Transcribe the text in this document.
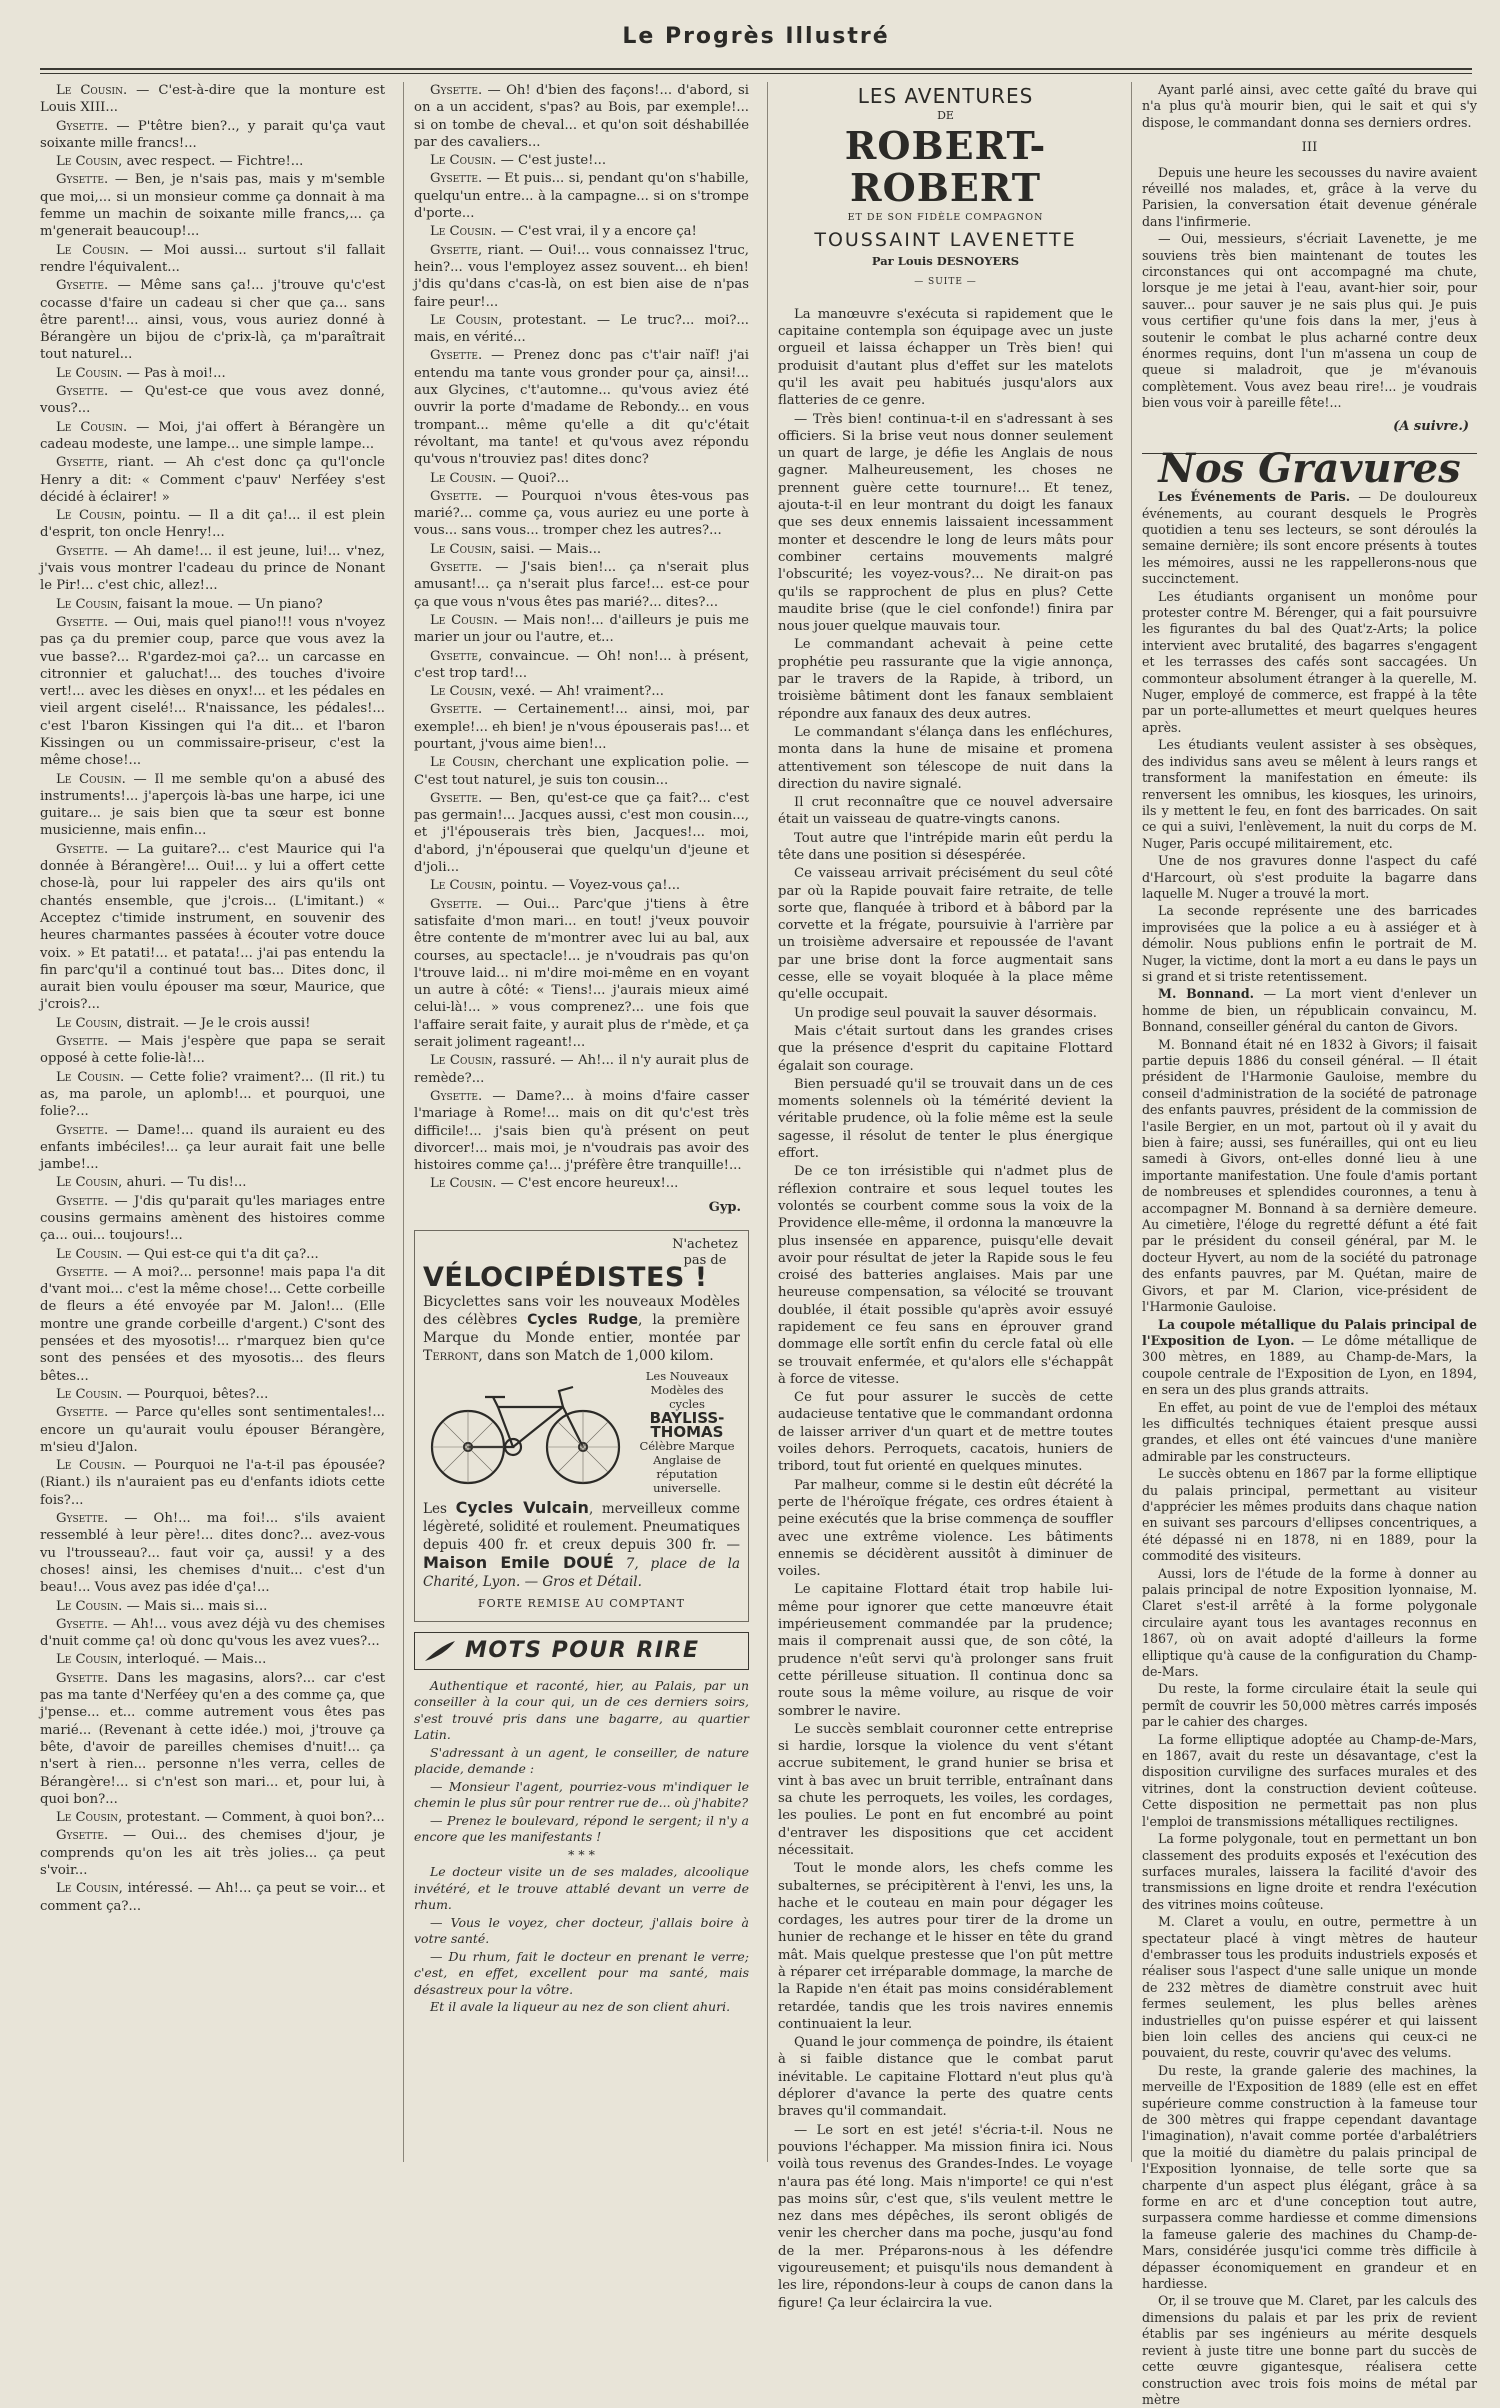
Le Progrès Illustré

Le Cousin. — C'est-à-dire que la monture est Louis XIII...

Gysette. — P'têtre bien?.., y parait qu'ça vaut soixante mille francs!...

Le Cousin, avec respect. — Fichtre!...

Gysette. — Ben, je n'sais pas, mais y m'semble que moi,... si un monsieur comme ça donnait à ma femme un machin de soixante mille francs,... ça m'generait beaucoup!...

Le Cousin. — Moi aussi... surtout s'il fallait rendre l'équivalent...

Gysette. — Même sans ça!... j'trouve qu'c'est cocasse d'faire un cadeau si cher que ça... sans être parent!... ainsi, vous, vous auriez donné à Bérangère un bijou de c'prix-là, ça m'paraîtrait tout naturel...

Le Cousin. — Pas à moi!...

Gysette. — Qu'est-ce que vous avez donné, vous?...

Le Cousin. — Moi, j'ai offert à Bérangère un cadeau modeste, une lampe... une simple lampe...

Gysette, riant. — Ah c'est donc ça qu'l'oncle Henry a dit: « Comment c'pauv' Nerféey s'est décidé à éclairer! »

Le Cousin, pointu. — Il a dit ça!... il est plein d'esprit, ton oncle Henry!...

Gysette. — Ah dame!... il est jeune, lui!... v'nez, j'vais vous montrer l'cadeau du prince de Nonant le Pir!... c'est chic, allez!...

Le Cousin, faisant la moue. — Un piano?

Gysette. — Oui, mais quel piano!!! vous n'voyez pas ça du premier coup, parce que vous avez la vue basse?... R'gardez-moi ça?... un carcasse en citronnier et galuchat!... des touches d'ivoire vert!... avec les dièses en onyx!... et les pédales en vieil argent ciselé!... R'naissance, les pédales!... c'est l'baron Kissingen qui l'a dit... et l'baron Kissingen ou un commissaire-priseur, c'est la même chose!...

Le Cousin. — Il me semble qu'on a abusé des instruments!... j'aperçois là-bas une harpe, ici une guitare... je sais bien que ta sœur est bonne musicienne, mais enfin...

Gysette. — La guitare?... c'est Maurice qui l'a donnée à Bérangère!... Oui!... y lui a offert cette chose-là, pour lui rappeler des airs qu'ils ont chantés ensemble, que j'crois... (L'imitant.) « Acceptez c'timide instrument, en souvenir des heures charmantes passées à écouter votre douce voix. » Et patati!... et patata!... j'ai pas entendu la fin parc'qu'il a continué tout bas... Dites donc, il aurait bien voulu épouser ma sœur, Maurice, que j'crois?...

Le Cousin, distrait. — Je le crois aussi!

Gysette. — Mais j'espère que papa se serait opposé à cette folie-là!...

Le Cousin. — Cette folie? vraiment?... (Il rit.) tu as, ma parole, un aplomb!... et pourquoi, une folie?...

Gysette. — Dame!... quand ils auraient eu des enfants imbéciles!... ça leur aurait fait une belle jambe!...

Le Cousin, ahuri. — Tu dis!...

Gysette. — J'dis qu'parait qu'les mariages entre cousins germains amènent des histoires comme ça... oui... toujours!...

Le Cousin. — Qui est-ce qui t'a dit ça?...

Gysette. — A moi?... personne! mais papa l'a dit d'vant moi... c'est la même chose!... Cette corbeille de fleurs a été envoyée par M. Jalon!... (Elle montre une grande corbeille d'argent.) C'sont des pensées et des myosotis!... r'marquez bien qu'ce sont des pensées et des myosotis... des fleurs bêtes...

Le Cousin. — Pourquoi, bêtes?...

Gysette. — Parce qu'elles sont sentimentales!... encore un qu'aurait voulu épouser Bérangère, m'sieu d'Jalon.

Le Cousin. — Pourquoi ne l'a-t-il pas épousée? (Riant.) ils n'auraient pas eu d'enfants idiots cette fois?...

Gysette. — Oh!... ma foi!... s'ils avaient ressemblé à leur père!... dites donc?... avez-vous vu l'trousseau?... faut voir ça, aussi! y a des choses! ainsi, les chemises d'nuit... c'est d'un beau!... Vous avez pas idée d'ça!...

Le Cousin. — Mais si... mais si...

Gysette. — Ah!... vous avez déjà vu des chemises d'nuit comme ça! où donc qu'vous les avez vues?...

Le Cousin, interloqué. — Mais...

Gysette. Dans les magasins, alors?... car c'est pas ma tante d'Nerféey qu'en a des comme ça, que j'pense... et... comme autrement vous êtes pas marié... (Revenant à cette idée.) moi, j'trouve ça bête, d'avoir de pareilles chemises d'nuit!... ça n'sert à rien... personne n'les verra, celles de Bérangère!... si c'n'est son mari... et, pour lui, à quoi bon?...

Le Cousin, protestant. — Comment, à quoi bon?...

Gysette. — Oui... des chemises d'jour, je comprends qu'on les ait très jolies... ça peut s'voir...

Le Cousin, intéressé. — Ah!... ça peut se voir... et comment ça?...

Gysette. — Oh! d'bien des façons!... d'abord, si on a un accident, s'pas? au Bois, par exemple!... si on tombe de cheval... et qu'on soit déshabillée par des cavaliers...

Le Cousin. — C'est juste!...

Gysette. — Et puis... si, pendant qu'on s'habille, quelqu'un entre... à la campagne... si on s'trompe d'porte...

Le Cousin. — C'est vrai, il y a encore ça!

Gysette, riant. — Oui!... vous connaissez l'truc, hein?... vous l'employez assez souvent... eh bien! j'dis qu'dans c'cas-là, on est bien aise de n'pas faire peur!...

Le Cousin, protestant. — Le truc?... moi?... mais, en vérité...

Gysette. — Prenez donc pas c't'air naïf! j'ai entendu ma tante vous gronder pour ça, ainsi!... aux Glycines, c't'automne... qu'vous aviez été ouvrir la porte d'madame de Rebondy... en vous trompant... même qu'elle a dit qu'c'était révoltant, ma tante! et qu'vous avez répondu qu'vous n'trouviez pas! dites donc?

Le Cousin. — Quoi?...

Gysette. — Pourquoi n'vous êtes-vous pas marié?... comme ça, vous auriez eu une porte à vous... sans vous... tromper chez les autres?...

Le Cousin, saisi. — Mais...

Gysette. — J'sais bien!... ça n'serait plus amusant!... ça n'serait plus farce!... est-ce pour ça que vous n'vous êtes pas marié?... dites?...

Le Cousin. — Mais non!... d'ailleurs je puis me marier un jour ou l'autre, et...

Gysette, convaincue. — Oh! non!... à présent, c'est trop tard!...

Le Cousin, vexé. — Ah! vraiment?...

Gysette. — Certainement!... ainsi, moi, par exemple!... eh bien! je n'vous épouserais pas!... et pourtant, j'vous aime bien!...

Le Cousin, cherchant une explication polie. — C'est tout naturel, je suis ton cousin...

Gysette. — Ben, qu'est-ce que ça fait?... c'est pas germain!... Jacques aussi, c'est mon cousin..., et j'l'épouserais très bien, Jacques!... moi, d'abord, j'n'épouserai que quelqu'un d'jeune et d'joli...

Le Cousin, pointu. — Voyez-vous ça!...

Gysette. — Oui... Parc'que j'tiens à être satisfaite d'mon mari... en tout! j'veux pouvoir être contente de m'montrer avec lui au bal, aux courses, au spectacle!... je n'voudrais pas qu'on l'trouve laid... ni m'dire moi-même en en voyant un autre à côté: « Tiens!... j'aurais mieux aimé celui-là!... » vous comprenez?... une fois que l'affaire serait faite, y aurait plus de r'mède, et ça serait joliment rageant!...

Le Cousin, rassuré. — Ah!... il n'y aurait plus de remède?...

Gysette. — Dame?... à moins d'faire casser l'mariage à Rome!... mais on dit qu'c'est très difficile!... j'sais bien qu'à présent on peut divorcer!... mais moi, je n'voudrais pas avoir des histoires comme ça!... j'préfère être tranquille!...

Le Cousin. — C'est encore heureux!...

Gyp.
N'achetez pas de
VÉLOCIPÉDISTES !
Bicyclettes sans voir les nouveaux Modèles des célèbres Cycles Rudge, la première Marque du Monde entier, montée par Terront, dans son Match de 1,000 kilom.
Les Nouveaux Modèles des cycles
BAYLISS-THOMAS
Célèbre Marque Anglaise de réputation universelle.
Les Cycles Vulcain, merveilleux comme légèreté, solidité et roulement. Pneumatiques depuis 400 fr. et creux depuis 300 fr. — Maison Emile DOUÉ 7, place de la Charité, Lyon. — Gros et Détail.
FORTE REMISE AU COMPTANT
MOTS POUR RIRE

Authentique et raconté, hier, au Palais, par un conseiller à la cour qui, un de ces derniers soirs, s'est trouvé pris dans une bagarre, au quartier Latin.

S'adressant à un agent, le conseiller, de nature placide, demande :

— Monsieur l'agent, pourriez-vous m'indiquer le chemin le plus sûr pour rentrer rue de... où j'habite?

— Prenez le boulevard, répond le sergent; il n'y a encore que les manifestants !

* * *

Le docteur visite un de ses malades, alcoolique invétéré, et le trouve attablé devant un verre de rhum.

— Vous le voyez, cher docteur, j'allais boire à votre santé.

— Du rhum, fait le docteur en prenant le verre; c'est, en effet, excellent pour ma santé, mais désastreux pour la vôtre.

Et il avale la liqueur au nez de son client ahuri.

LES AVENTURES
DE
ROBERT-ROBERT
ET DE SON FIDÈLE COMPAGNON
TOUSSAINT LAVENETTE
Par Louis DESNOYERS
— SUITE —

La manœuvre s'exécuta si rapidement que le capitaine contempla son équipage avec un juste orgueil et laissa échapper un Très bien! qui produisit d'autant plus d'effet sur les matelots qu'il les avait peu habitués jusqu'alors aux flatteries de ce genre.

— Très bien! continua-t-il en s'adressant à ses officiers. Si la brise veut nous donner seulement un quart de large, je défie les Anglais de nous gagner. Malheureusement, les choses ne prennent guère cette tournure!... Et tenez, ajouta-t-il en leur montrant du doigt les fanaux que ses deux ennemis laissaient incessamment monter et descendre le long de leurs mâts pour combiner certains mouvements malgré l'obscurité; les voyez-vous?... Ne dirait-on pas qu'ils se rapprochent de plus en plus? Cette maudite brise (que le ciel confonde!) finira par nous jouer quelque mauvais tour.

Le commandant achevait à peine cette prophétie peu rassurante que la vigie annonça, par le travers de la Rapide, à tribord, un troisième bâtiment dont les fanaux semblaient répondre aux fanaux des deux autres.

Le commandant s'élança dans les enfléchures, monta dans la hune de misaine et promena attentivement son télescope de nuit dans la direction du navire signalé.

Il crut reconnaître que ce nouvel adversaire était un vaisseau de quatre-vingts canons.

Tout autre que l'intrépide marin eût perdu la tête dans une position si désespérée.

Ce vaisseau arrivait précisément du seul côté par où la Rapide pouvait faire retraite, de telle sorte que, flanquée à tribord et à bâbord par la corvette et la frégate, poursuivie à l'arrière par un troisième adversaire et repoussée de l'avant par une brise dont la force augmentait sans cesse, elle se voyait bloquée à la place même qu'elle occupait.

Un prodige seul pouvait la sauver désormais.

Mais c'était surtout dans les grandes crises que la présence d'esprit du capitaine Flottard égalait son courage.

Bien persuadé qu'il se trouvait dans un de ces moments solennels où la témérité devient la véritable prudence, où la folie même est la seule sagesse, il résolut de tenter le plus énergique effort.

De ce ton irrésistible qui n'admet plus de réflexion contraire et sous lequel toutes les volontés se courbent comme sous la voix de la Providence elle-même, il ordonna la manœuvre la plus insensée en apparence, puisqu'elle devait avoir pour résultat de jeter la Rapide sous le feu croisé des batteries anglaises. Mais par une heureuse compensation, sa vélocité se trouvant doublée, il était possible qu'après avoir essuyé rapidement ce feu sans en éprouver grand dommage elle sortît enfin du cercle fatal où elle se trouvait enfermée, et qu'alors elle s'échappât à force de vitesse.

Ce fut pour assurer le succès de cette audacieuse tentative que le commandant ordonna de laisser arriver d'un quart et de mettre toutes voiles dehors. Perroquets, cacatois, huniers de tribord, tout fut orienté en quelques minutes.

Par malheur, comme si le destin eût décrété la perte de l'héroïque frégate, ces ordres étaient à peine exécutés que la brise commença de souffler avec une extrême violence. Les bâtiments ennemis se décidèrent aussitôt à diminuer de voiles.

Le capitaine Flottard était trop habile lui-même pour ignorer que cette manœuvre était impérieusement commandée par la prudence; mais il comprenait aussi que, de son côté, la prudence n'eût servi qu'à prolonger sans fruit cette périlleuse situation. Il continua donc sa route sous la même voilure, au risque de voir sombrer le navire.

Le succès semblait couronner cette entreprise si hardie, lorsque la violence du vent s'étant accrue subitement, le grand hunier se brisa et vint à bas avec un bruit terrible, entraînant dans sa chute les perroquets, les voiles, les cordages, les poulies. Le pont en fut encombré au point d'entraver les dispositions que cet accident nécessitait.

Tout le monde alors, les chefs comme les subalternes, se précipitèrent à l'envi, les uns, la hache et le couteau en main pour dégager les cordages, les autres pour tirer de la drome un hunier de rechange et le hisser en tête du grand mât. Mais quelque prestesse que l'on pût mettre à réparer cet irréparable dommage, la marche de la Rapide n'en était pas moins considérablement retardée, tandis que les trois navires ennemis continuaient la leur.

Quand le jour commença de poindre, ils étaient à si faible distance que le combat parut inévitable. Le capitaine Flottard n'eut plus qu'à déplorer d'avance la perte des quatre cents braves qu'il commandait.

— Le sort en est jeté! s'écria-t-il. Nous ne pouvions l'échapper. Ma mission finira ici. Nous voilà tous revenus des Grandes-Indes. Le voyage n'aura pas été long. Mais n'importe! ce qui n'est pas moins sûr, c'est que, s'ils veulent mettre le nez dans mes dépêches, ils seront obligés de venir les chercher dans ma poche, jusqu'au fond de la mer. Préparons-nous à les défendre vigoureusement; et puisqu'ils nous demandent à les lire, répondons-leur à coups de canon dans la figure! Ça leur éclaircira la vue.

Ayant parlé ainsi, avec cette gaîté du brave qui n'a plus qu'à mourir bien, qui le sait et qui s'y dispose, le commandant donna ses derniers ordres.

III

Depuis une heure les secousses du navire avaient réveillé nos malades, et, grâce à la verve du Parisien, la conversation était devenue générale dans l'infirmerie.

— Oui, messieurs, s'écriait Lavenette, je me souviens très bien maintenant de toutes les circonstances qui ont accompagné ma chute, lorsque je me jetai à l'eau, avant-hier soir, pour sauver... pour sauver je ne sais plus qui. Je puis vous certifier qu'une fois dans la mer, j'eus à soutenir le combat le plus acharné contre deux énormes requins, dont l'un m'assena un coup de queue si maladroit, que je m'évanouis complètement. Vous avez beau rire!... je voudrais bien vous voir à pareille fête!...

(A suivre.)
Nos Gravures

Les Événements de Paris. — De douloureux événements, au courant desquels le Progrès quotidien a tenu ses lecteurs, se sont déroulés la semaine dernière; ils sont encore présents à toutes les mémoires, aussi ne les rappellerons-nous que succinctement.

Les étudiants organisent un monôme pour protester contre M. Bérenger, qui a fait poursuivre les figurantes du bal des Quat'z-Arts; la police intervient avec brutalité, des bagarres s'engagent et les terrasses des cafés sont saccagées. Un commonteur absolument étranger à la querelle, M. Nuger, employé de commerce, est frappé à la tête par un porte-allumettes et meurt quelques heures après.

Les étudiants veulent assister à ses obsèques, des individus sans aveu se mêlent à leurs rangs et transforment la manifestation en émeute: ils renversent les omnibus, les kiosques, les urinoirs, ils y mettent le feu, en font des barricades. On sait ce qui a suivi, l'enlèvement, la nuit du corps de M. Nuger, Paris occupé militairement, etc.

Une de nos gravures donne l'aspect du café d'Harcourt, où s'est produite la bagarre dans laquelle M. Nuger a trouvé la mort.

La seconde représente une des barricades improvisées que la police a eu à assiéger et à démolir. Nous publions enfin le portrait de M. Nuger, la victime, dont la mort a eu dans le pays un si grand et si triste retentissement.

M. Bonnand. — La mort vient d'enlever un homme de bien, un républicain convaincu, M. Bonnand, conseiller général du canton de Givors.

M. Bonnand était né en 1832 à Givors; il faisait partie depuis 1886 du conseil général. — Il était président de l'Harmonie Gauloise, membre du conseil d'administration de la société de patronage des enfants pauvres, président de la commission de l'asile Bergier, en un mot, partout où il y avait du bien à faire; aussi, ses funérailles, qui ont eu lieu samedi à Givors, ont-elles donné lieu à une importante manifestation. Une foule d'amis portant de nombreuses et splendides couronnes, a tenu à accompagner M. Bonnand à sa dernière demeure. Au cimetière, l'éloge du regretté défunt a été fait par le président du conseil général, par M. le docteur Hyvert, au nom de la société du patronage des enfants pauvres, par M. Quétan, maire de Givors, et par M. Clarion, vice-président de l'Harmonie Gauloise.

La coupole métallique du Palais principal de l'Exposition de Lyon. — Le dôme métallique de 300 mètres, en 1889, au Champ-de-Mars, la coupole centrale de l'Exposition de Lyon, en 1894, en sera un des plus grands attraits.

En effet, au point de vue de l'emploi des métaux les difficultés techniques étaient presque aussi grandes, et elles ont été vaincues d'une manière admirable par les constructeurs.

Le succès obtenu en 1867 par la forme elliptique du palais principal, permettant au visiteur d'apprécier les mêmes produits dans chaque nation en suivant ses parcours d'ellipses concentriques, a été dépassé ni en 1878, ni en 1889, pour la commodité des visiteurs.

Aussi, lors de l'étude de la forme à donner au palais principal de notre Exposition lyonnaise, M. Claret s'est-il arrêté à la forme polygonale circulaire ayant tous les avantages reconnus en 1867, où on avait adopté d'ailleurs la forme elliptique qu'à cause de la configuration du Champ-de-Mars.

Du reste, la forme circulaire était la seule qui permît de couvrir les 50,000 mètres carrés imposés par le cahier des charges.

La forme elliptique adoptée au Champ-de-Mars, en 1867, avait du reste un désavantage, c'est la disposition curviligne des surfaces murales et des vitrines, dont la construction devient coûteuse. Cette disposition ne permettait pas non plus l'emploi de transmissions métalliques rectilignes.

La forme polygonale, tout en permettant un bon classement des produits exposés et l'exécution des surfaces murales, laissera la facilité d'avoir des transmissions en ligne droite et rendra l'exécution des vitrines moins coûteuse.

M. Claret a voulu, en outre, permettre à un spectateur placé à vingt mètres de hauteur d'embrasser tous les produits industriels exposés et réaliser sous l'aspect d'une salle unique un monde de 232 mètres de diamètre construit avec huit fermes seulement, les plus belles arènes industrielles qu'on puisse espérer et qui laissent bien loin celles des anciens qui ceux-ci ne pouvaient, du reste, couvrir qu'avec des velums.

Du reste, la grande galerie des machines, la merveille de l'Exposition de 1889 (elle est en effet supérieure comme construction à la fameuse tour de 300 mètres qui frappe cependant davantage l'imagination), n'avait comme portée d'arbalétriers que la moitié du diamètre du palais principal de l'Exposition lyonnaise, de telle sorte que sa charpente d'un aspect plus élégant, grâce à sa forme en arc et d'une conception tout autre, surpassera comme hardiesse et comme dimensions la fameuse galerie des machines du Champ-de-Mars, considérée jusqu'ici comme très difficile à dépasser économiquement en grandeur et en hardiesse.

Or, il se trouve que M. Claret, par les calculs des dimensions du palais et par les prix de revient établis par ses ingénieurs au mérite desquels revient à juste titre une bonne part du succès de cette œuvre gigantesque, réalisera cette construction avec trois fois moins de métal par mètre
